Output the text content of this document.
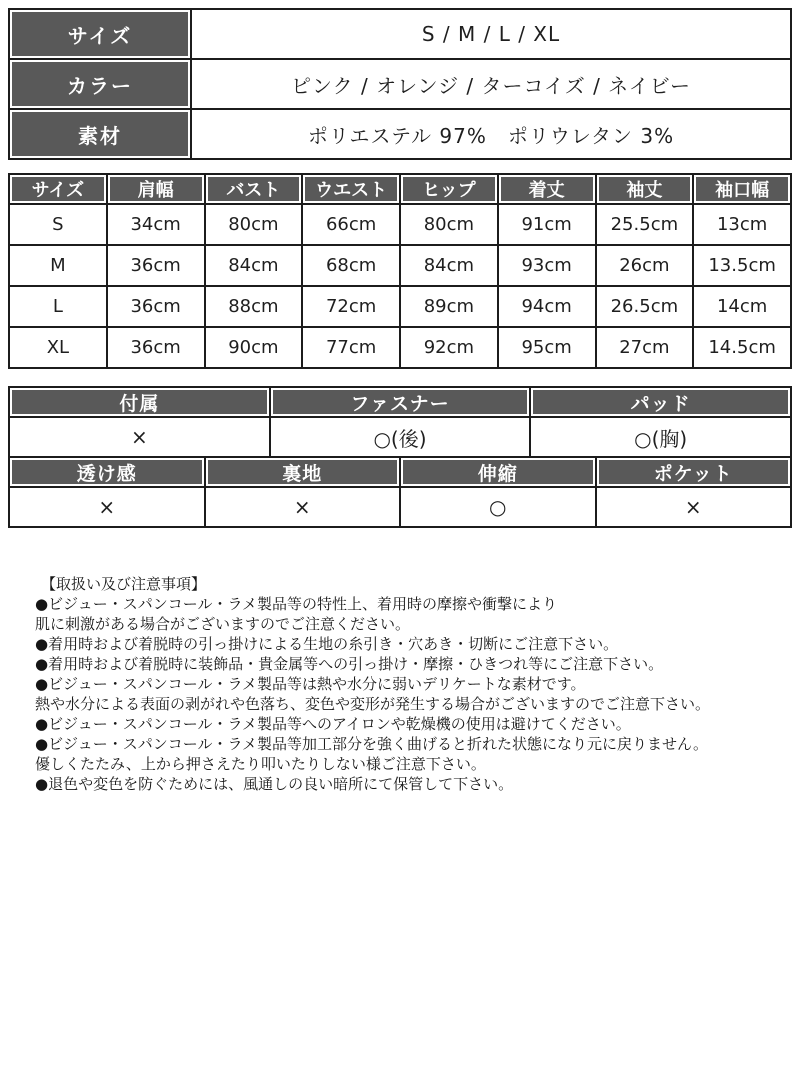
サイズ	S / M / L / XL
カラー	ピンク / オレンジ / ターコイズ / ネイビー
素材	ポリエステル 97%　ポリウレタン 3%
サイズ	肩幅	バスト	ウエスト	ヒップ	着丈	袖丈	袖口幅
S	34cm	80cm	66cm	80cm	91cm	25.5cm	13cm
M	36cm	84cm	68cm	84cm	93cm	26cm	13.5cm
L	36cm	88cm	72cm	89cm	94cm	26.5cm	14cm
XL	36cm	90cm	77cm	92cm	95cm	27cm	14.5cm
付属	ファスナー	パッド
×	○(後)	○(胸)
透け感	裏地	伸縮	ポケット
×	×	○	×
【取扱い及び注意事項】
●ビジュー・スパンコール・ラメ製品等の特性上、着用時の摩擦や衝撃により
肌に刺激がある場合がございますのでご注意ください。
●着用時および着脱時の引っ掛けによる生地の糸引き・穴あき・切断にご注意下さい。
●着用時および着脱時に装飾品・貴金属等への引っ掛け・摩擦・ひきつれ等にご注意下さい。
●ビジュー・スパンコール・ラメ製品等は熱や水分に弱いデリケートな素材です。
熱や水分による表面の剥がれや色落ち、変色や変形が発生する場合がございますのでご注意下さい。
●ビジュー・スパンコール・ラメ製品等へのアイロンや乾燥機の使用は避けてください。
●ビジュー・スパンコール・ラメ製品等加工部分を強く曲げると折れた状態になり元に戻りません。
優しくたたみ、上から押さえたり叩いたりしない様ご注意下さい。
●退色や変色を防ぐためには、風通しの良い暗所にて保管して下さい。
